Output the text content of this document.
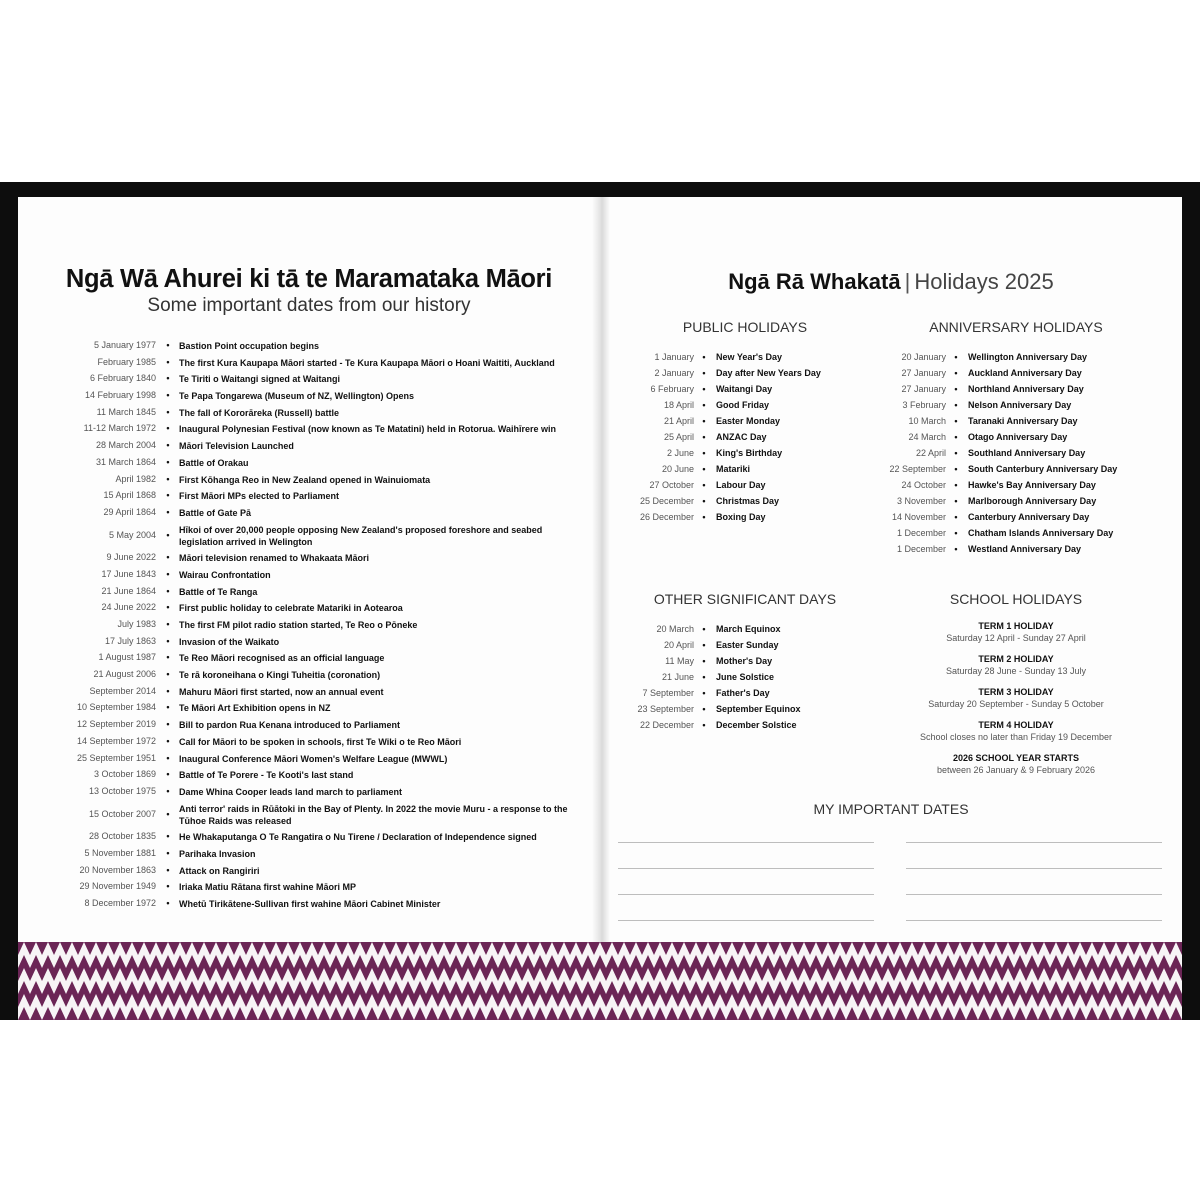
Ngā Wā Ahurei ki tā te Maramataka Māori
Some important dates from our history
5 January 1977 • Bastion Point occupation begins
February 1985 • The first Kura Kaupapa Māori started - Te Kura Kaupapa Māori o Hoani Waititi, Auckland
6 February 1840 • Te Tiriti o Waitangi signed at Waitangi
14 February 1998 • Te Papa Tongarewa (Museum of NZ, Wellington) Opens
11 March 1845 • The fall of Kororāreka (Russell) battle
11-12 March 1972 • Inaugural Polynesian Festival (now known as Te Matatini) held in Rotorua. Waihīrere win
28 March 2004 • Māori Television Launched
31 March 1864 • Battle of Orakau
April 1982 • First Kōhanga Reo in New Zealand opened in Wainuiomata
15 April 1868 • First Māori MPs elected to Parliament
29 April 1864 • Battle of Gate Pā
5 May 2004 • Hīkoi of over 20,000 people opposing New Zealand's proposed foreshore and seabed legislation arrived in Welington
9 June 2022 • Māori television renamed to Whakaata Māori
17 June 1843 • Wairau Confrontation
21 June 1864 • Battle of Te Ranga
24 June 2022 • First public holiday to celebrate Matariki in Aotearoa
July 1983 • The first FM pilot radio station started, Te Reo o Pōneke
17 July 1863 • Invasion of the Waikato
1 August 1987 • Te Reo Māori recognised as an official language
21 August 2006 • Te rā koroneihana o Kingi Tuheitia (coronation)
September 2014 • Mahuru Māori first started, now an annual event
10 September 1984 • Te Māori Art Exhibition opens in NZ
12 September 2019 • Bill to pardon Rua Kenana introduced to Parliament
14 September 1972 • Call for Māori to be spoken in schools, first Te Wiki o te Reo Māori
25 September 1951 • Inaugural Conference Māori Women's Welfare League (MWWL)
3 October 1869 • Battle of Te Porere - Te Kooti's last stand
13 October 1975 • Dame Whina Cooper leads land march to parliament
15 October 2007 • Anti terror' raids in Rūātoki in the Bay of Plenty. In 2022 the movie Muru - a response to the Tūhoe Raids was released
28 October 1835 • He Whakaputanga O Te Rangatira o Nu Tirene / Declaration of Independence signed
5 November 1881 • Parihaka Invasion
20 November 1863 • Attack on Rangiriri
29 November 1949 • Iriaka Matiu Rātana first wahine Māori MP
8 December 1972 • Whetū Tirikātene-Sullivan first wahine Māori Cabinet Minister
Ngā Rā Whakatā | Holidays 2025
PUBLIC HOLIDAYS
1 January • New Year's Day
2 January • Day after New Years Day
6 February • Waitangi Day
18 April • Good Friday
21 April • Easter Monday
25 April • ANZAC Day
2 June • King's Birthday
20 June • Matariki
27 October • Labour Day
25 December • Christmas Day
26 December • Boxing Day
ANNIVERSARY HOLIDAYS
20 January • Wellington Anniversary Day
27 January • Auckland Anniversary Day
27 January • Northland Anniversary Day
3 February • Nelson Anniversary Day
10 March • Taranaki Anniversary Day
24 March • Otago Anniversary Day
22 April • Southland Anniversary Day
22 September • South Canterbury Anniversary Day
24 October • Hawke's Bay Anniversary Day
3 November • Marlborough Anniversary Day
14 November • Canterbury Anniversary Day
1 December • Chatham Islands Anniversary Day
1 December • Westland Anniversary Day
OTHER SIGNIFICANT DAYS
20 March • March Equinox
20 April • Easter Sunday
11 May • Mother's Day
21 June • June Solstice
7 September • Father's Day
23 September • September Equinox
22 December • December Solstice
SCHOOL HOLIDAYS
TERM 1 HOLIDAY
Saturday 12 April - Sunday 27 April
TERM 2 HOLIDAY
Saturday 28 June - Sunday 13 July
TERM 3 HOLIDAY
Saturday 20 September - Sunday 5 October
TERM 4 HOLIDAY
School closes no later than Friday 19 December
2026 SCHOOL YEAR STARTS
between 26 January & 9 February 2026
MY IMPORTANT DATES
